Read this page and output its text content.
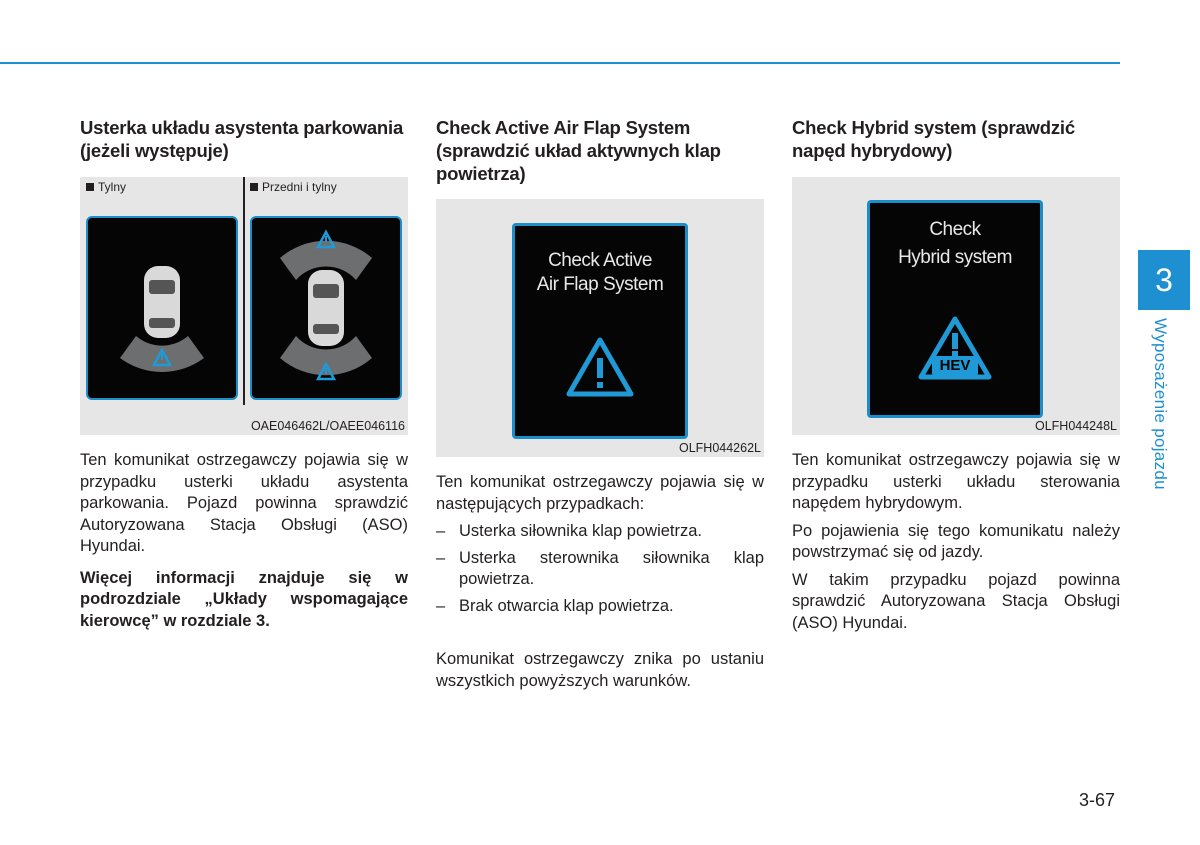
Usterka układu asystenta parkowania (jeżeli występuje)
Tylny	Przedni i tylny
OAE046462L/OAEE046116

Ten komunikat ostrzegawczy pojawia się w przypadku usterki układu asystenta parkowania. Pojazd powinna sprawdzić Autoryzowana Stacja Obsługi (ASO) Hyundai.

Więcej informacji znajduje się w podrozdziale „Układy wspomagające kierowcę” w rozdziale 3.

Check Active Air Flap System (sprawdzić układ aktywnych klap powietrza)
Check Active
Air Flap System
OLFH044262L

Ten komunikat ostrzegawczy pojawia się w następujących przypadkach:

– Usterka siłownika klap powietrza.

– Usterka sterownika siłownika klap powietrza.

– Brak otwarcia klap powietrza.

Komunikat ostrzegawczy znika po ustaniu wszystkich powyższych warunków.

Check Hybrid system (sprawdzić napęd hybrydowy)
Check
Hybrid system
HEV
OLFH044248L

Ten komunikat ostrzegawczy pojawia się w przypadku usterki układu sterowania napędem hybrydowym.

Po pojawienia się tego komunikatu należy powstrzymać się od jazdy.

W takim przypadku pojazd powinna sprawdzić Autoryzowana Stacja Obsługi (ASO) Hyundai.

3
Wyposażenie pojazdu
3-67
